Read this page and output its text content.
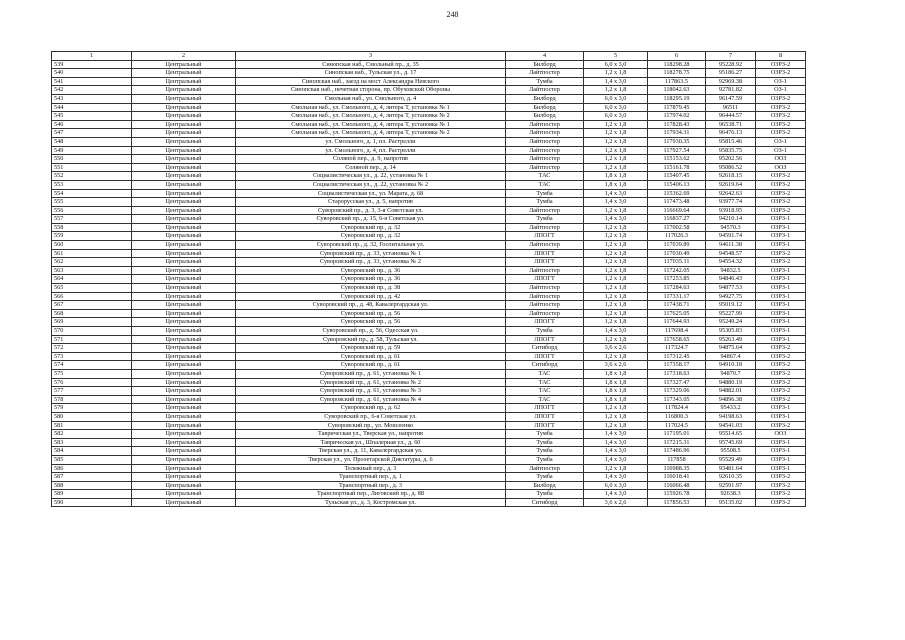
248
1	2	3	4	5	6	7	8
539	Центральный	Синопская наб., Смольный пр., д. 35	Билборд	6,0 x 3,0	118298.28	95228.92	ОЗРЗ-2
540	Центральный	Синопская наб., Тульская ул., д. 17	Лайтпостер	1,2 x 1,8	118278.75	95186.27	ОЗРЗ-2
541	Центральный	Синопская наб., заезд на мост Александра Невского	Тумба	1,4 x 3,0	117863.5	92969.38	ОЗ-1
542	Центральный	Синопская наб., нечетная сторона, пр. Обуховской Обороны	Лайтпостер	1,2 x 1,8	118042.63	92781.82	ОЗ-1
543	Центральный	Смольная наб., ул. Смольного, д. 4	Билборд	6,0 x 3,0	118295.19	96147.59	ОЗРЗ-2
544	Центральный	Смольная наб., ул. Смольного, д. 4, литера Т, установка № 1	Билборд	6,0 x 3,0	117879.45	96511	ОЗРЗ-2
545	Центральный	Смольная наб., ул. Смольного, д. 4, литера Т, установка № 2	Билборд	6,0 x 3,0	117974.02	96444.57	ОЗРЗ-2
546	Центральный	Смольная наб., ул. Смольного, д. 4, литера Т, установка № 1	Лайтпостер	1,2 x 1,8	117828.43	96538.71	ОЗРЗ-2
547	Центральный	Смольная наб., ул. Смольного, д. 4, литера Т, установка № 2	Лайтпостер	1,2 x 1,8	117934.31	96476.13	ОЗРЗ-2
548	Центральный	ул. Смольного, д. 1, пл. Растрелли	Лайтпостер	1,2 x 1,8	117930.35	95815.46	ОЗ-1
549	Центральный	ул. Смольного, д. 4, пл. Растрелли	Лайтпостер	1,2 x 1,8	117927.54	95835.75	ОЗ-1
550	Центральный	Соляной пер., д. 9, напротив	Лайтпостер	1,2 x 1,8	115153.62	95202.56	ООЗ
551	Центральный	Соляной пер., д. 14	Лайтпостер	1,2 x 1,8	115161.78	95086.52	ООЗ
552	Центральный	Социалистическая ул., д. 22, установка № 1	ТАС	1,8 x 1,8	115407.45	92618.15	ОЗРЗ-2
553	Центральный	Социалистическая ул., д. 22, установка № 2	ТАС	1,8 x 1,8	115406.13	92619.64	ОЗРЗ-2
554	Центральный	Социалистическая ул., ул. Марата, д. 68	Тумба	1,4 x 3,0	115362.69	92642.63	ОЗРЗ-2
555	Центральный	Старорусская ул., д. 5, напротив	Тумба	1,4 x 3,0	117473.48	93977.74	ОЗРЗ-2
556	Центральный	Суворовский пр., д. 3, 3-я Советская ул.	Лайтпостер	1,2 x 1,8	116669.64	93918.95	ОЗРЗ-2
557	Центральный	Суворовский пр., д. 15, 6-я Советская ул.	Тумба	1,4 x 3,0	116837.27	94210.14	ОЗРЗ-1
558	Центральный	Суворовский пр., д. 32	Лайтпостер	1,2 x 1,8	117002.58	94570.3	ОЗРЗ-1
559	Центральный	Суворовский пр., д. 32	ЛПОГТ	1,2 x 1,8	117026.3	94591.74	ОЗРЗ-1
560	Центральный	Суворовский пр., д. 32, Госпитальная ул.	Лайтпостер	1,2 x 1,8	117039.89	94611.38	ОЗРЗ-1
561	Центральный	Суворовский пр., д. 33, установка № 1	ЛПОГТ	1,2 x 1,8	117030.49	94548.57	ОЗРЗ-2
562	Центральный	Суворовский пр., д. 33, установка № 2	ЛПОГТ	1,2 x 1,8	117035.11	94554.32	ОЗРЗ-2
563	Центральный	Суворовский пр., д. 36	Лайтпостер	1,2 x 1,8	117242.05	94832.5	ОЗРЗ-1
564	Центральный	Суворовский пр., д. 36	ЛПОГТ	1,2 x 1,8	117253.85	94846.43	ОЗРЗ-1
565	Центральный	Суворовский пр., д. 38	Лайтпостер	1,2 x 1,8	117284.63	94877.53	ОЗРЗ-1
566	Центральный	Суворовский пр., д. 42	Лайтпостер	1,2 x 1,8	117331.17	94927.75	ОЗРЗ-1
567	Центральный	Суворовский пр., д. 48, Кавалергардская ул.	Лайтпостер	1,2 x 1,8	117438.71	95019.12	ОЗРЗ-1
568	Центральный	Суворовский пр., д. 56	Лайтпостер	1,2 x 1,8	117625.05	95227.99	ОЗРЗ-1
569	Центральный	Суворовский пр., д. 56	ЛПОГТ	1,2 x 1,8	117644.93	95249.24	ОЗРЗ-1
570	Центральный	Суворовский пр., д. 56, Одесская ул.	Тумба	1,4 x 3,0	117698.4	95305.83	ОЗРЗ-1
571	Центральный	Суворовский пр., д. 58, Тульская ул.	ЛПОГТ	1,2 x 1,8	117658.65	95263.49	ОЗРЗ-1
572	Центральный	Суворовский пр., д. 59	Ситиборд	3,6 x 2,6	117324.7	94875.64	ОЗРЗ-2
573	Центральный	Суворовский пр., д. 61	ЛПОГТ	1,2 x 1,8	117312.45	94867.4	ОЗРЗ-2
574	Центральный	Суворовский пр., д. 61	Ситиборд	3,6 x 2,6	117358.17	94910.18	ОЗРЗ-2
575	Центральный	Суворовский пр., д. 61, установка № 1	ТАС	1,8 x 1,8	117318.63	94870.7	ОЗРЗ-2
576	Центральный	Суворовский пр., д. 61, установка № 2	ТАС	1,8 x 1,8	117327.47	94880.19	ОЗРЗ-2
577	Центральный	Суворовский пр., д. 61, установка № 3	ТАС	1,8 x 1,8	117329.06	94882.01	ОЗРЗ-2
578	Центральный	Суворовский пр., д. 61, установка № 4	ТАС	1,8 x 1,8	117343.05	94896.38	ОЗРЗ-2
579	Центральный	Суворовский пр., д. 62	ЛПОГТ	1,2 x 1,8	117824.4	95433.2	ОЗРЗ-1
580	Центральный	Суворовский пр., 6-я Советская ул.	ЛПОГТ	1,2 x 1,8	116800.3	94198.63	ОЗРЗ-1
581	Центральный	Суворовский пр., ул. Моисеенко	ЛПОГТ	1,2 x 1,8	117024.5	94541.03	ОЗРЗ-2
582	Центральный	Таврическая ул., Тверская ул., напротив	Тумба	1,4 x 3,0	117195.01	95514.65	ООЗ
583	Центральный	Таврическая ул., Шпалерная ул., д. 60	Тумба	1,4 x 3,0	117215.31	95745.69	ОЗРЗ-1
584	Центральный	Тверская ул., д. 11, Кавалергардская ул.	Тумба	1,4 x 3,0	117486.96	95508.5	ОЗРЗ-1
585	Центральный	Тверская ул., ул. Пролетарской Диктатуры, д. 6	Тумба	1,4 x 3,0	117858	95529.49	ОЗРЗ-1
586	Центральный	Тележный пер., д. 3	Лайтпостер	1,2 x 1,8	116988.35	93481.64	ОЗРЗ-1
587	Центральный	Транспортный пер., д. 1	Тумба	1,4 x 3,0	116018.41	92610.35	ОЗРЗ-2
588	Центральный	Транспортный пер., д. 3	Билборд	6,0 x 3,0	116066.48	92591.97	ОЗРЗ-2
589	Центральный	Транспортный пер., Лиговский пр., д. 88	Тумба	1,4 x 3,0	115926.78	92638.3	ОЗРЗ-2
590	Центральный	Тульская ул., д. 3, Костромская ул.	Ситиборд	3,6 x 2,6	117856.53	95135.02	ОЗРЗ-2
